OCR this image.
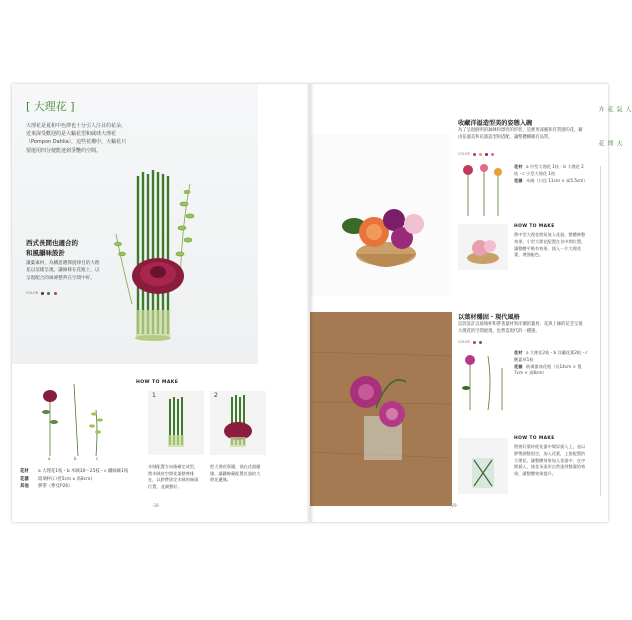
[ 大理花 ]
大理花是夏和中色澤也十分引人注目的花朵，近來深受歡迎的是大輪花型和絨球大理花（Pompon Dahlia），這些花瓣中，大輪花只要運用四分便能達到爭艷的空間。
西式長間也適合的
和風韻味設計
讓葉素材，為構思選擇旋律目的大理花以這樣呈現，讓線條在花瓶上，以呈現配合的線條整齊在空間中好。
COLOR
a	b	c
花材 a 大理花1枝・b 木賊30～25枝・c 鐵線蕨1枝
花器 玻璃杯(口徑5cm x 高8cm)
其他 膠帶（參見P26）
HOW TO MAKE
1
木賊配置方向後確定成型，將木賊按空間花器整齊排在，以膠帶固定木賊的端頭位置，並調整好。
2
把大理花那邊，插在花器邊緣，讓鐵線蕨配置花器的大理花邊緣。
-28-
收藏洋溢造型美的姿態入碗
為了呈現鮮明的鉢缽和漂亮的形狀，這裡用深碗和有質感的花，藉由花器美和花器造型的搭配，讓整體構圖有品質。
COLOR
花材 a 中型大理花 1枝・b 大理花 2枝・c 小型大理花 1枝
花器 木碗（口徑 11cm × 高5.5cm）
HOW TO MAKE
將中型大理花剪短放入花器，整體修整效果，小型大理花配置在各中間位置，讓整體平衡有效果，插入一片大理花葉，增強配色。
以葉材穩固・現代風格
這款設計以玻璃杯和帶著葉材和洋蘭的葉材，花與上緣的花莖呈現大理花的空間展現，也營造現代的一種感。
COLOR
花材 a 大理花2枝・b 洋蘭花葉2根・c 酸蓋草1枝
花器 玻璃器皿花瓶（長14cm × 寬7cm × 高8cm）
HOW TO MAKE
將剪好葉材從花器中間穿插入上，並以膠帶調整固定，加入花葉，上紮配置的大理花。讓整體效果加入花器中，在中間插入，使花朵造形自然達到整潔的效果，讓整體效果提升。
-29-
人氣花卉
大理花
